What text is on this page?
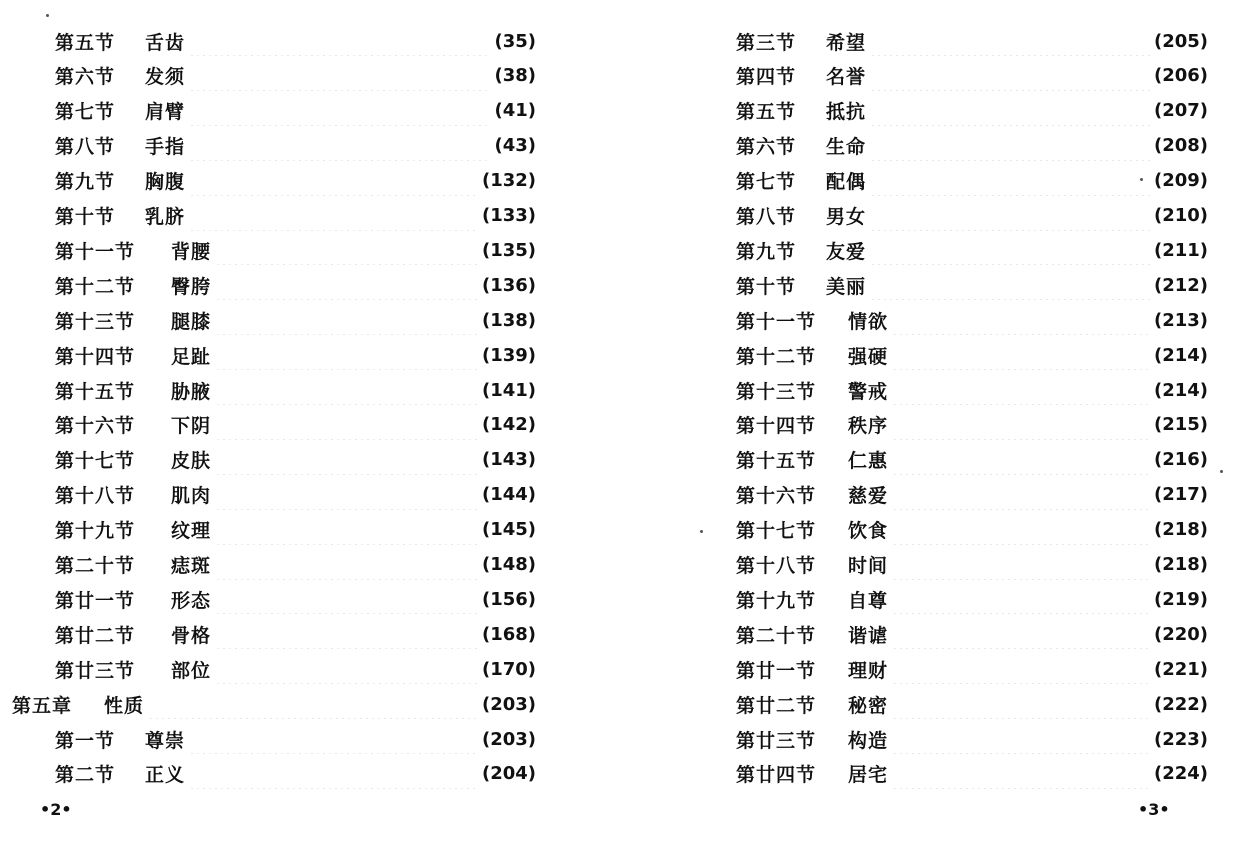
第五节	舌齿	(35)
第六节	发须	(38)
第七节	肩臂	(41)
第八节	手指	(43)
第九节	胸腹	(132)
第十节	乳脐	(133)
第十一节	背腰	(135)
第十二节	臀胯	(136)
第十三节	腿膝	(138)
第十四节	足趾	(139)
第十五节	胁腋	(141)
第十六节	下阴	(142)
第十七节	皮肤	(143)
第十八节	肌肉	(144)
第十九节	纹理	(145)
第二十节	痣斑	(148)
第廿一节	形态	(156)
第廿二节	骨格	(168)
第廿三节	部位	(170)
第五章	性质	(203)
第一节	尊崇	(203)
第二节	正义	(204)
•2•
第三节	希望	(205)
第四节	名誉	(206)
第五节	抵抗	(207)
第六节	生命	(208)
第七节	配偶	(209)
第八节	男女	(210)
第九节	友爱	(211)
第十节	美丽	(212)
第十一节	情欲	(213)
第十二节	强硬	(214)
第十三节	警戒	(214)
第十四节	秩序	(215)
第十五节	仁惠	(216)
第十六节	慈爱	(217)
第十七节	饮食	(218)
第十八节	时间	(218)
第十九节	自尊	(219)
第二十节	谐谑	(220)
第廿一节	理财	(221)
第廿二节	秘密	(222)
第廿三节	构造	(223)
第廿四节	居宅	(224)
•3•
